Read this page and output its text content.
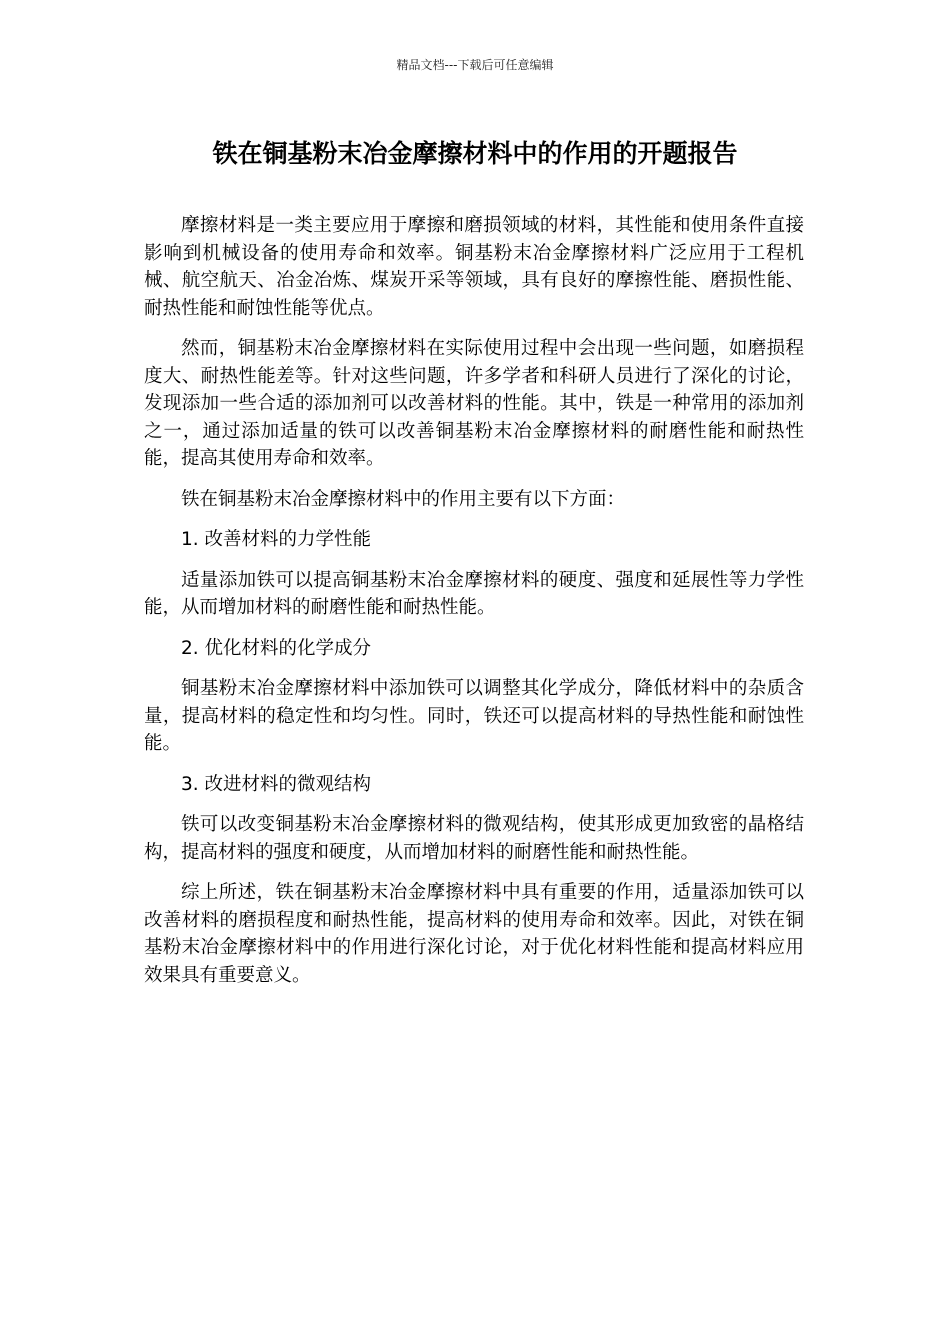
精品文档---下载后可任意编辑
铁在铜基粉末冶金摩擦材料中的作用的开题报告

摩擦材料是一类主要应用于摩擦和磨损领域的材料，其性能和使用条件直接影响到机械设备的使用寿命和效率。铜基粉末冶金摩擦材料广泛应用于工程机械、航空航天、冶金冶炼、煤炭开采等领域，具有良好的摩擦性能、磨损性能、耐热性能和耐蚀性能等优点。

然而，铜基粉末冶金摩擦材料在实际使用过程中会出现一些问题，如磨损程度大、耐热性能差等。针对这些问题，许多学者和科研人员进行了深化的讨论，发现添加一些合适的添加剂可以改善材料的性能。其中，铁是一种常用的添加剂之一，通过添加适量的铁可以改善铜基粉末冶金摩擦材料的耐磨性能和耐热性能，提高其使用寿命和效率。

铁在铜基粉末冶金摩擦材料中的作用主要有以下方面：

1. 改善材料的力学性能

适量添加铁可以提高铜基粉末冶金摩擦材料的硬度、强度和延展性等力学性能，从而增加材料的耐磨性能和耐热性能。

2. 优化材料的化学成分

铜基粉末冶金摩擦材料中添加铁可以调整其化学成分，降低材料中的杂质含量，提高材料的稳定性和均匀性。同时，铁还可以提高材料的导热性能和耐蚀性能。

3. 改进材料的微观结构

铁可以改变铜基粉末冶金摩擦材料的微观结构，使其形成更加致密的晶格结构，提高材料的强度和硬度，从而增加材料的耐磨性能和耐热性能。

综上所述，铁在铜基粉末冶金摩擦材料中具有重要的作用，适量添加铁可以改善材料的磨损程度和耐热性能，提高材料的使用寿命和效率。因此，对铁在铜基粉末冶金摩擦材料中的作用进行深化讨论，对于优化材料性能和提高材料应用效果具有重要意义。
